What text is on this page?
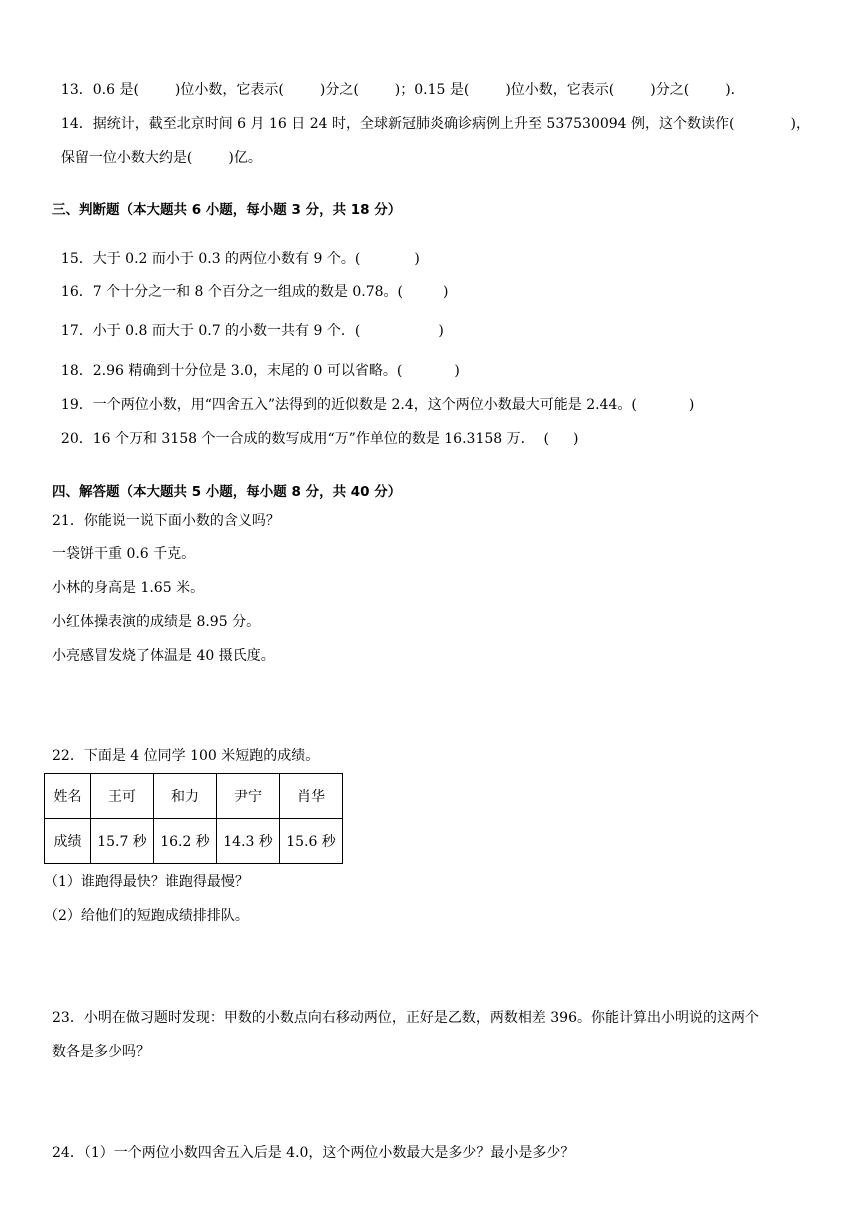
13．0.6 是(	)位小数，它表示(	)分之(	)；0.15 是(	)位小数，它表示(	)分之(	)．

14．据统计，截至北京时间 6 月 16 日 24 时，全球新冠肺炎确诊病例上升至 537530094 例，这个数读作(	)，

保留一位小数大约是(	)亿。

三、判断题（本大题共 6 小题，每小题 3 分，共 18 分）

15．大于 0.2 而小于 0.3 的两位小数有 9 个。(	)

16．7 个十分之一和 8 个百分之一组成的数是 0.78。(	)

17．小于 0.8 而大于 0.7 的小数一共有 9 个．(	)

18．2.96 精确到十分位是 3.0，末尾的 0 可以省略。(	)

19．一个两位小数，用“四舍五入”法得到的近似数是 2.4，这个两位小数最大可能是 2.44。(	)

20．16 个万和 3158 个一合成的数写成用“万”作单位的数是 16.3158 万．  ( )

四、解答题（本大题共 5 小题，每小题 8 分，共 40 分）
21．你能说一说下面小数的含义吗？
一袋饼干重 0.6 千克。
小林的身高是 1.65 米。
小红体操表演的成绩是 8.95 分。
小亮感冒发烧了体温是 40 摄氏度。
22．下面是 4 位同学 100 米短跑的成绩。
姓名	王可	和力	尹宁	肖华
成绩	15.7 秒	16.2 秒	14.3 秒	15.6 秒
（1）谁跑得最快？谁跑得最慢？
（2）给他们的短跑成绩排排队。
23．小明在做习题时发现：甲数的小数点向右移动两位，正好是乙数，两数相差 396。你能计算出小明说的这两个
数各是多少吗？
24．（1）一个两位小数四舍五入后是 4.0，这个两位小数最大是多少？最小是多少？
